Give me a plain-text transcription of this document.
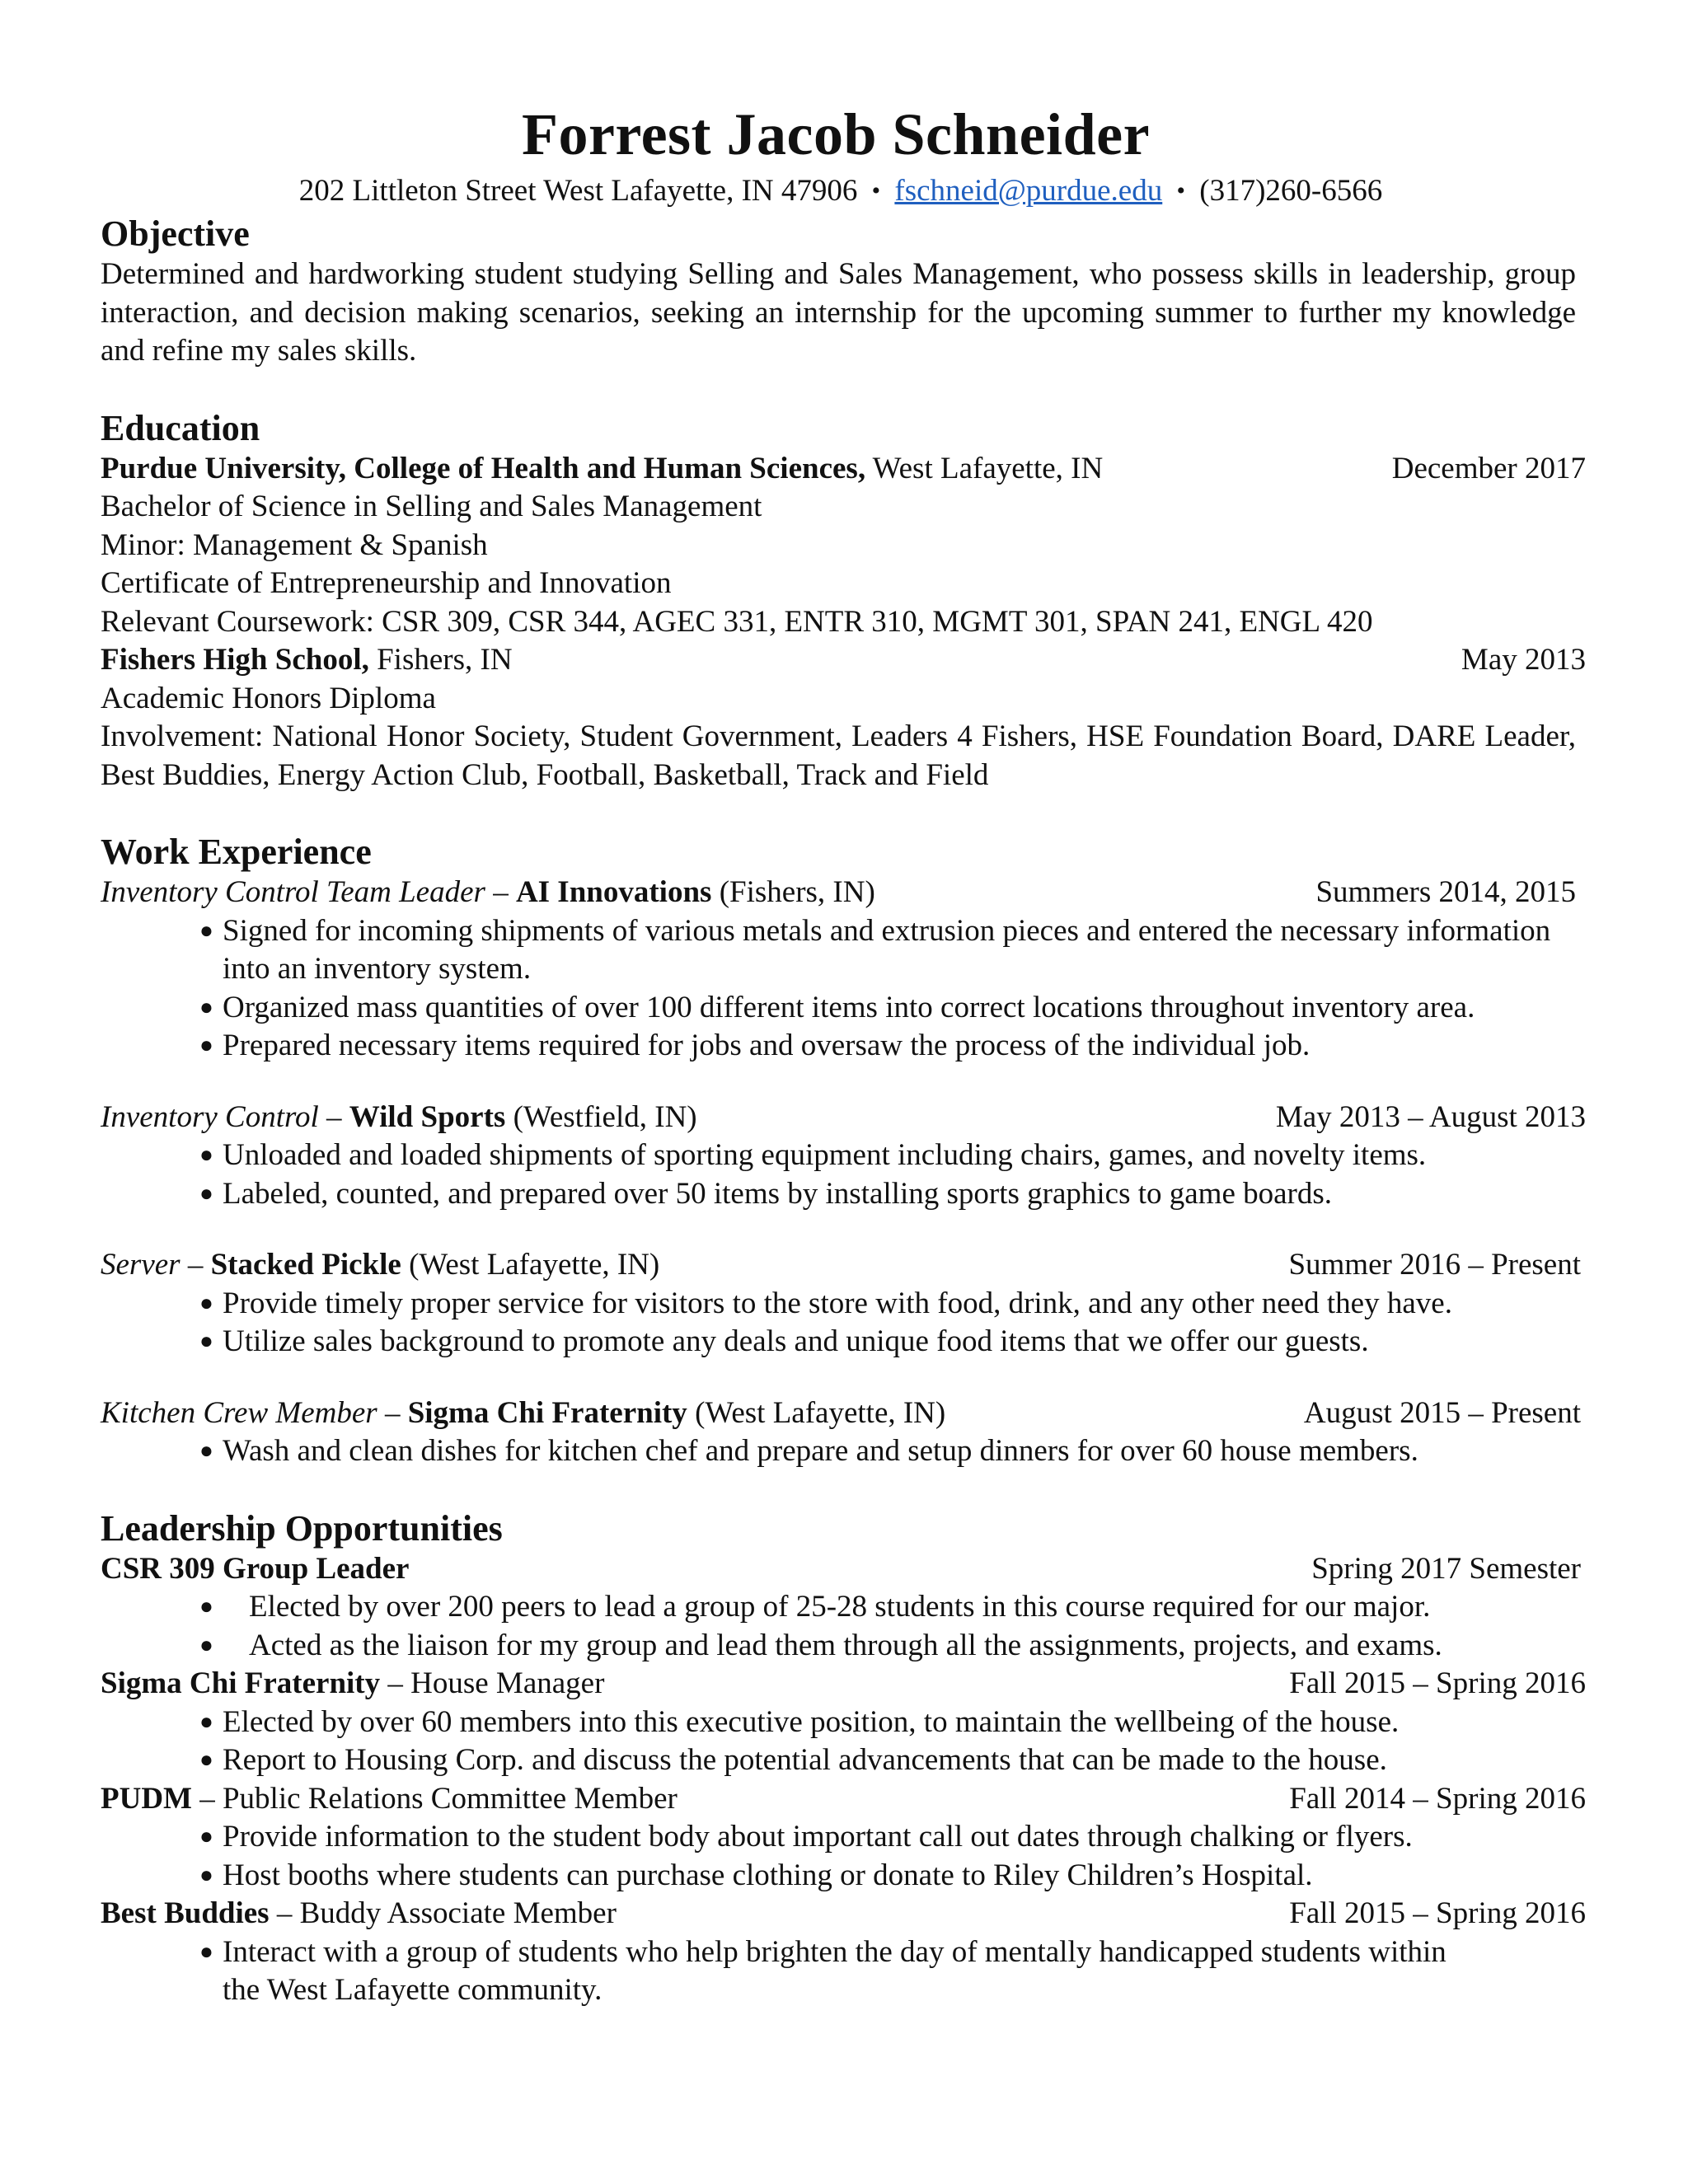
Forrest Jacob Schneider
202 Littleton Street West Lafayette, IN 47906 • fschneid@purdue.edu • (317)260-6566
Objective
Determined and hardworking student studying Selling and Sales Management, who possess skills in leadership, group interaction, and decision making scenarios, seeking an internship for the upcoming summer to further my knowledge and refine my sales skills.
Education
Purdue University, College of Health and Human Sciences, West Lafayette, IN	December 2017
Bachelor of Science in Selling and Sales Management
Minor: Management & Spanish
Certificate of Entrepreneurship and Innovation
Relevant Coursework: CSR 309, CSR 344, AGEC 331, ENTR 310, MGMT 301, SPAN 241, ENGL 420
Fishers High School, Fishers, IN	May 2013
Academic Honors Diploma
Involvement: National Honor Society, Student Government, Leaders 4 Fishers, HSE Foundation Board, DARE Leader, Best Buddies, Energy Action Club, Football, Basketball, Track and Field
Work Experience
Inventory Control Team Leader – AI Innovations (Fishers, IN)	Summers 2014, 2015
● Signed for incoming shipments of various metals and extrusion pieces and entered the necessary information into an inventory system.
● Organized mass quantities of over 100 different items into correct locations throughout inventory area.
● Prepared necessary items required for jobs and oversaw the process of the individual job.
Inventory Control – Wild Sports (Westfield, IN)	May 2013 – August 2013
● Unloaded and loaded shipments of sporting equipment including chairs, games, and novelty items.
● Labeled, counted, and prepared over 50 items by installing sports graphics to game boards.
Server – Stacked Pickle (West Lafayette, IN)	Summer 2016 – Present
● Provide timely proper service for visitors to the store with food, drink, and any other need they have.
● Utilize sales background to promote any deals and unique food items that we offer our guests.
Kitchen Crew Member – Sigma Chi Fraternity (West Lafayette, IN)	August 2015 – Present
● Wash and clean dishes for kitchen chef and prepare and setup dinners for over 60 house members.
Leadership Opportunities
CSR 309 Group Leader	Spring 2017 Semester
●	Elected by over 200 peers to lead a group of 25-28 students in this course required for our major.
●	Acted as the liaison for my group and lead them through all the assignments, projects, and exams.
Sigma Chi Fraternity – House Manager	Fall 2015 – Spring 2016
● Elected by over 60 members into this executive position, to maintain the wellbeing of the house.
● Report to Housing Corp. and discuss the potential advancements that can be made to the house.
PUDM – Public Relations Committee Member	Fall 2014 – Spring 2016
● Provide information to the student body about important call out dates through chalking or flyers.
● Host booths where students can purchase clothing or donate to Riley Children’s Hospital.
Best Buddies – Buddy Associate Member	Fall 2015 – Spring 2016
● Interact with a group of students who help brighten the day of mentally handicapped students within the West Lafayette community.
